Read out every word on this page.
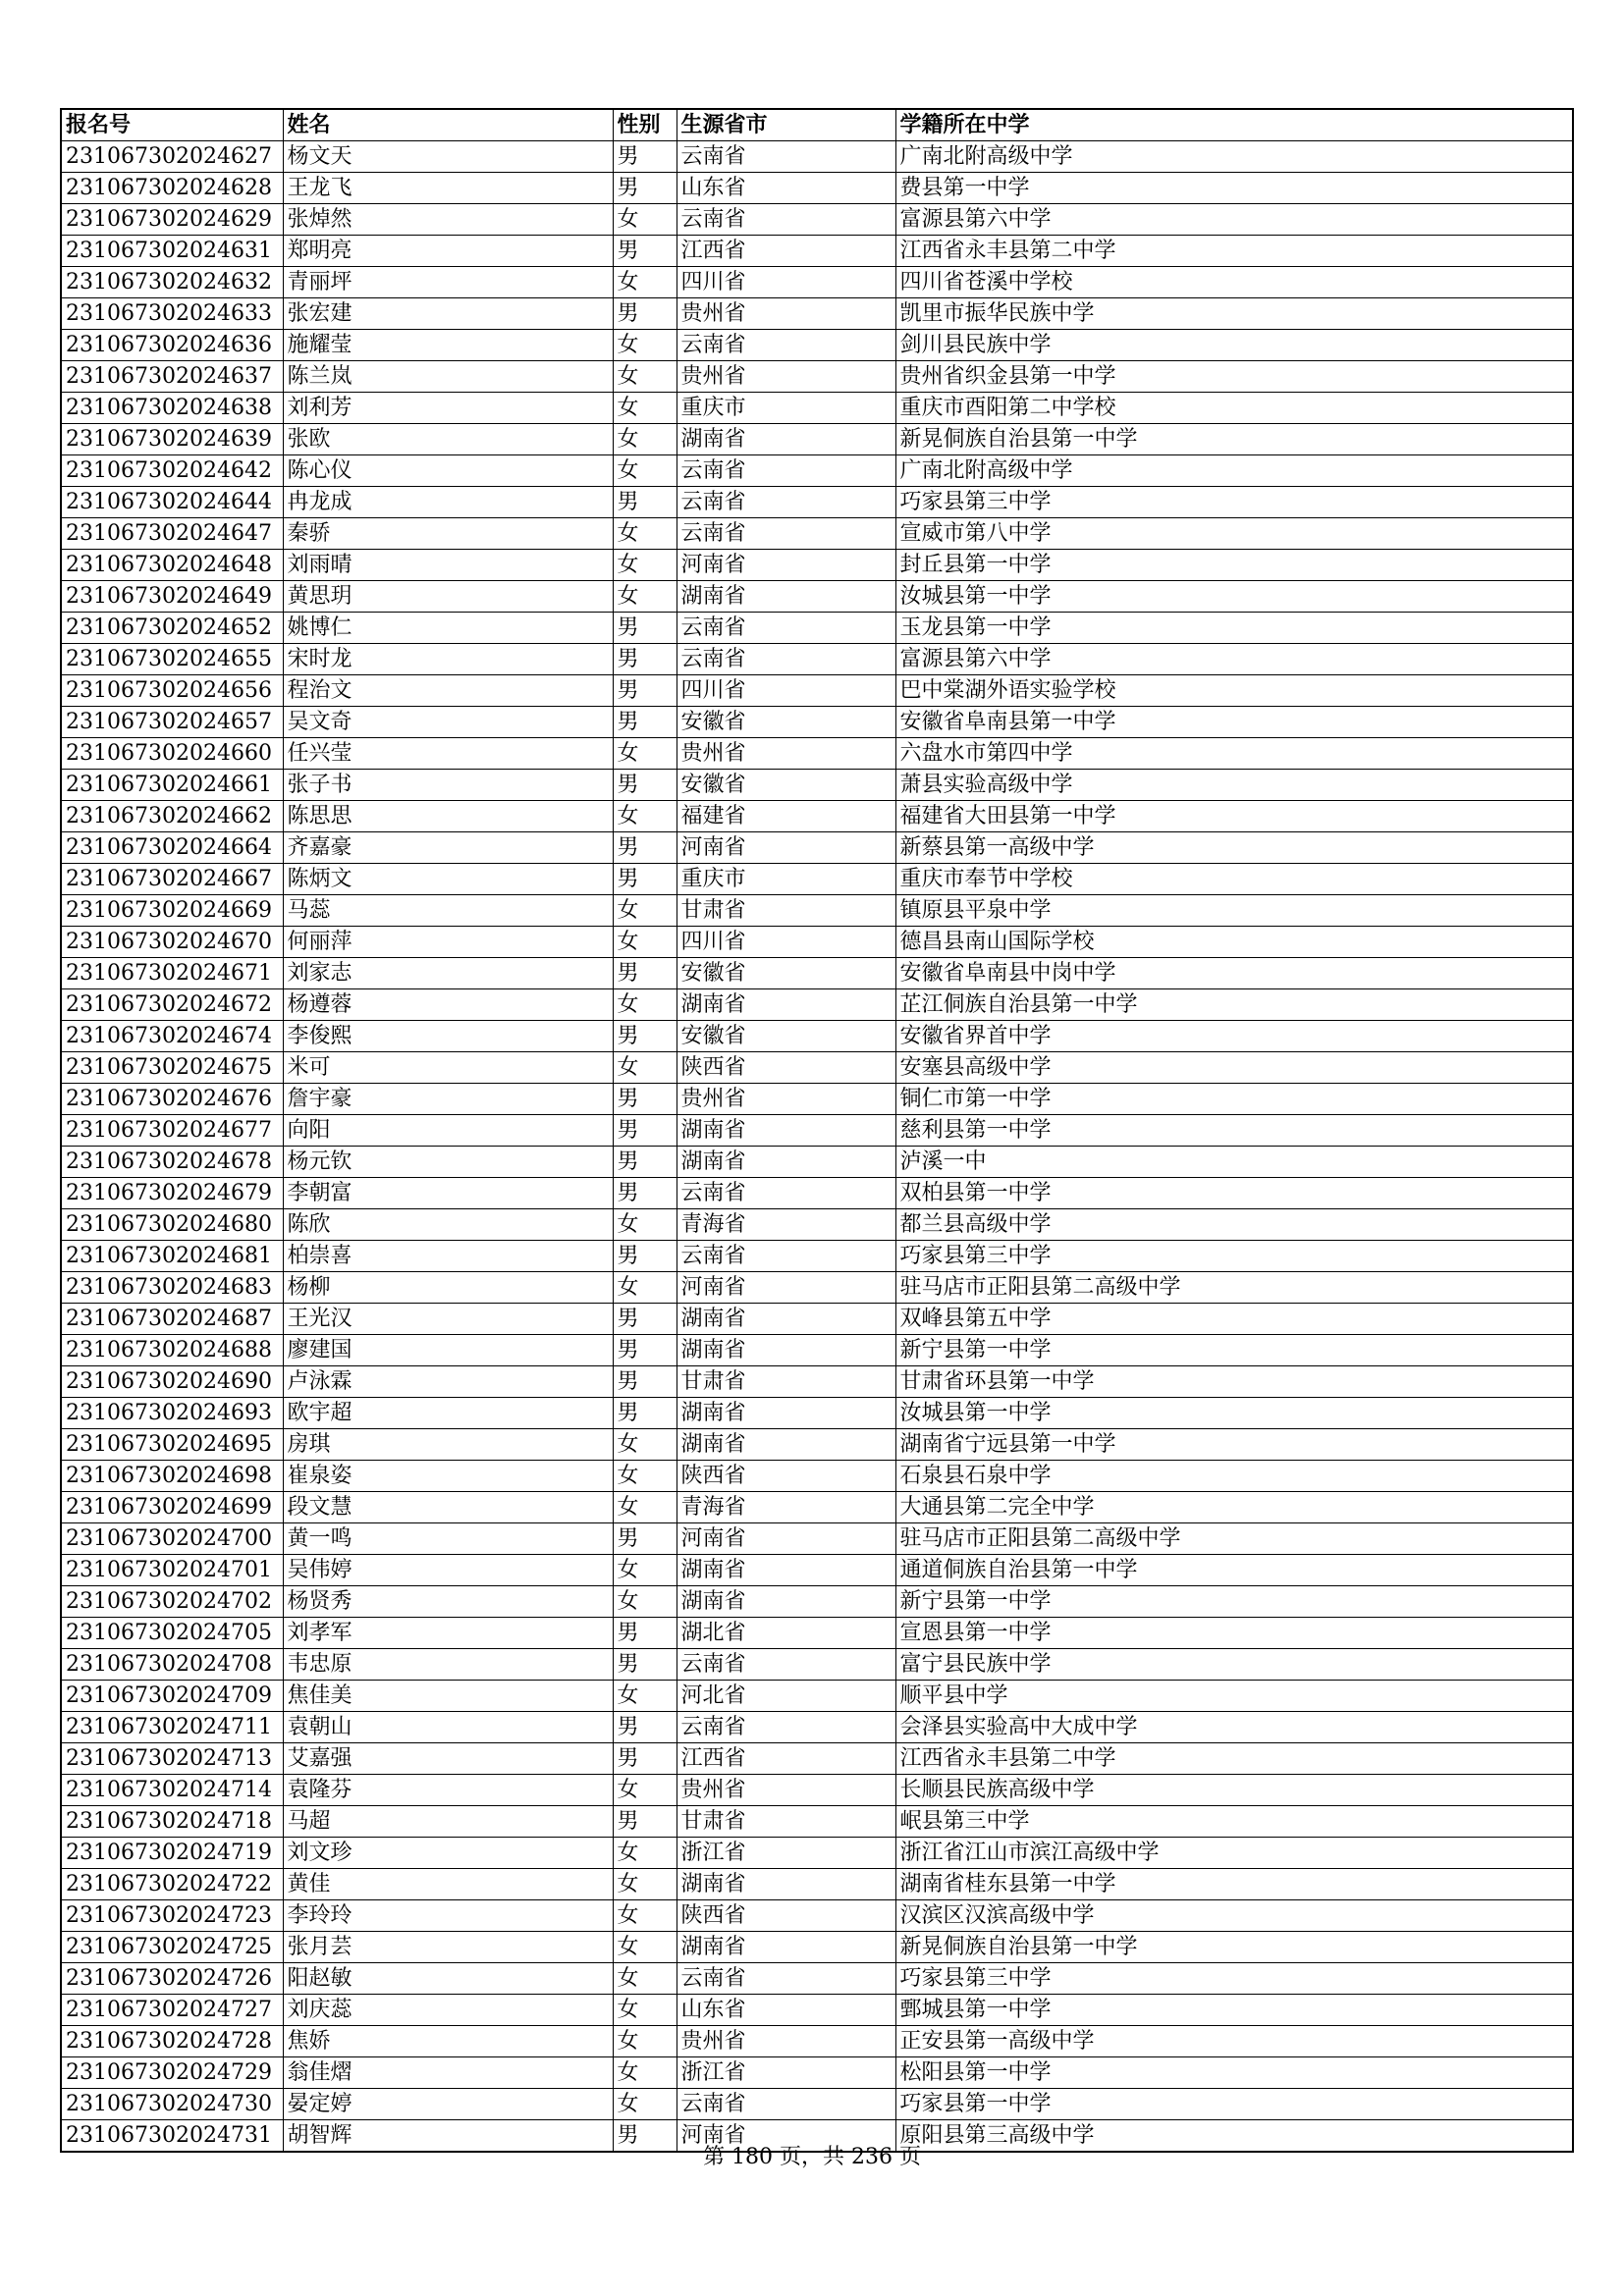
报名号	姓名	性别	生源省市	学籍所在中学
231067302024627	杨文天	男	云南省	广南北附高级中学
231067302024628	王龙飞	男	山东省	费县第一中学
231067302024629	张焯然	女	云南省	富源县第六中学
231067302024631	郑明亮	男	江西省	江西省永丰县第二中学
231067302024632	青丽坪	女	四川省	四川省苍溪中学校
231067302024633	张宏建	男	贵州省	凯里市振华民族中学
231067302024636	施耀莹	女	云南省	剑川县民族中学
231067302024637	陈兰岚	女	贵州省	贵州省织金县第一中学
231067302024638	刘利芳	女	重庆市	重庆市酉阳第二中学校
231067302024639	张欧	女	湖南省	新晃侗族自治县第一中学
231067302024642	陈心仪	女	云南省	广南北附高级中学
231067302024644	冉龙成	男	云南省	巧家县第三中学
231067302024647	秦骄	女	云南省	宣威市第八中学
231067302024648	刘雨晴	女	河南省	封丘县第一中学
231067302024649	黄思玥	女	湖南省	汝城县第一中学
231067302024652	姚博仁	男	云南省	玉龙县第一中学
231067302024655	宋时龙	男	云南省	富源县第六中学
231067302024656	程治文	男	四川省	巴中棠湖外语实验学校
231067302024657	吴文奇	男	安徽省	安徽省阜南县第一中学
231067302024660	任兴莹	女	贵州省	六盘水市第四中学
231067302024661	张子书	男	安徽省	萧县实验高级中学
231067302024662	陈思思	女	福建省	福建省大田县第一中学
231067302024664	齐嘉豪	男	河南省	新蔡县第一高级中学
231067302024667	陈炳文	男	重庆市	重庆市奉节中学校
231067302024669	马蕊	女	甘肃省	镇原县平泉中学
231067302024670	何丽萍	女	四川省	德昌县南山国际学校
231067302024671	刘家志	男	安徽省	安徽省阜南县中岗中学
231067302024672	杨遵蓉	女	湖南省	芷江侗族自治县第一中学
231067302024674	李俊熙	男	安徽省	安徽省界首中学
231067302024675	米可	女	陕西省	安塞县高级中学
231067302024676	詹宇豪	男	贵州省	铜仁市第一中学
231067302024677	向阳	男	湖南省	慈利县第一中学
231067302024678	杨元钦	男	湖南省	泸溪一中
231067302024679	李朝富	男	云南省	双柏县第一中学
231067302024680	陈欣	女	青海省	都兰县高级中学
231067302024681	柏崇喜	男	云南省	巧家县第三中学
231067302024683	杨柳	女	河南省	驻马店市正阳县第二高级中学
231067302024687	王光汉	男	湖南省	双峰县第五中学
231067302024688	廖建国	男	湖南省	新宁县第一中学
231067302024690	卢泳霖	男	甘肃省	甘肃省环县第一中学
231067302024693	欧宇超	男	湖南省	汝城县第一中学
231067302024695	房琪	女	湖南省	湖南省宁远县第一中学
231067302024698	崔泉姿	女	陕西省	石泉县石泉中学
231067302024699	段文慧	女	青海省	大通县第二完全中学
231067302024700	黄一鸣	男	河南省	驻马店市正阳县第二高级中学
231067302024701	吴伟婷	女	湖南省	通道侗族自治县第一中学
231067302024702	杨贤秀	女	湖南省	新宁县第一中学
231067302024705	刘孝军	男	湖北省	宣恩县第一中学
231067302024708	韦忠原	男	云南省	富宁县民族中学
231067302024709	焦佳美	女	河北省	顺平县中学
231067302024711	袁朝山	男	云南省	会泽县实验高中大成中学
231067302024713	艾嘉强	男	江西省	江西省永丰县第二中学
231067302024714	袁隆芬	女	贵州省	长顺县民族高级中学
231067302024718	马超	男	甘肃省	岷县第三中学
231067302024719	刘文珍	女	浙江省	浙江省江山市滨江高级中学
231067302024722	黄佳	女	湖南省	湖南省桂东县第一中学
231067302024723	李玲玲	女	陕西省	汉滨区汉滨高级中学
231067302024725	张月芸	女	湖南省	新晃侗族自治县第一中学
231067302024726	阳赵敏	女	云南省	巧家县第三中学
231067302024727	刘庆蕊	女	山东省	鄄城县第一中学
231067302024728	焦娇	女	贵州省	正安县第一高级中学
231067302024729	翁佳熠	女	浙江省	松阳县第一中学
231067302024730	晏定婷	女	云南省	巧家县第一中学
231067302024731	胡智辉	男	河南省	原阳县第三高级中学
第 180 页，共 236 页
